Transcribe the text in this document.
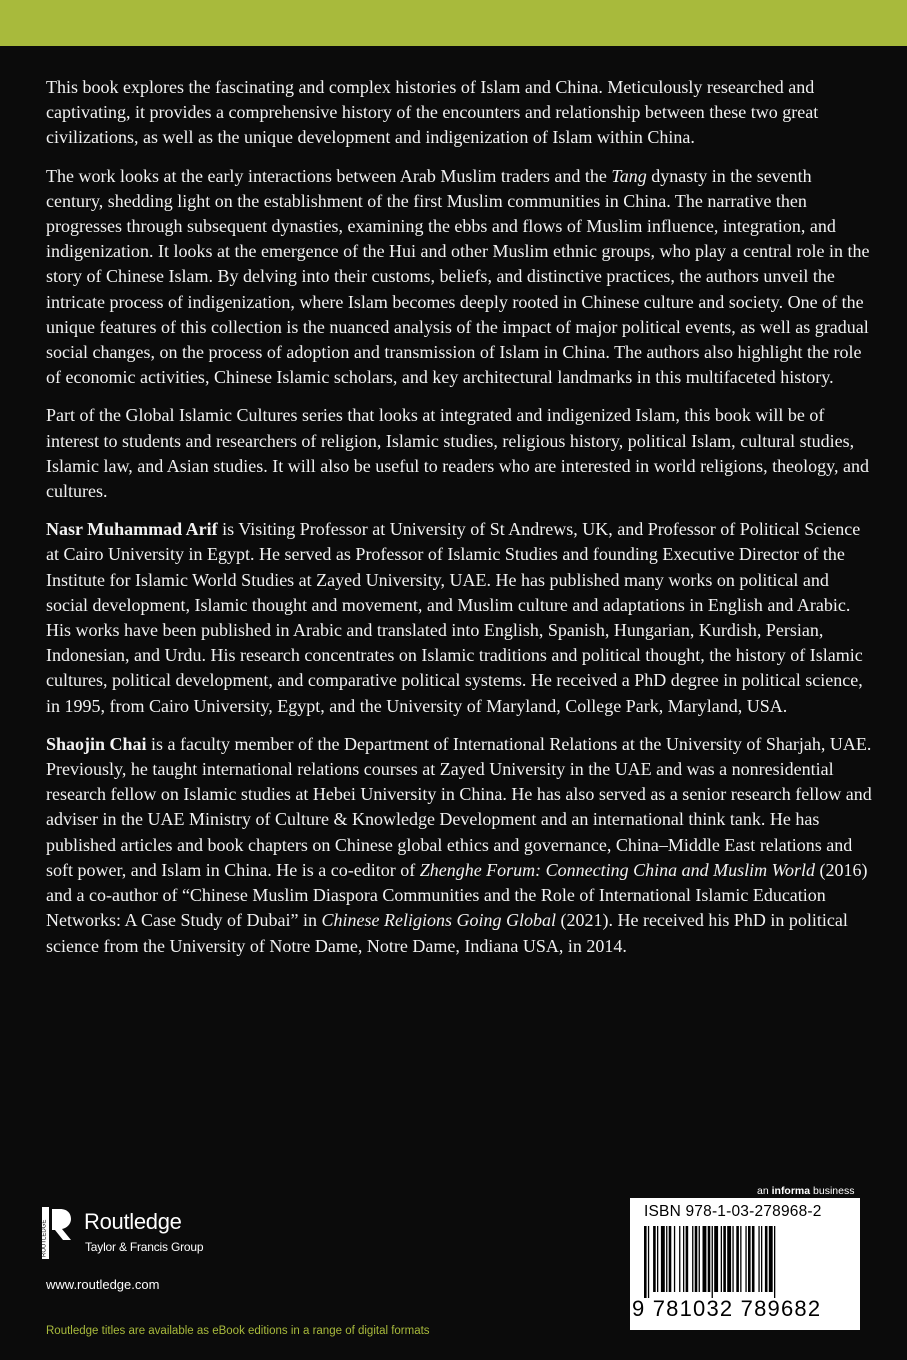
This book explores the fascinating and complex histories of Islam and China. Meticulously researched and captivating, it provides a comprehensive history of the encounters and relationship between these two great civilizations, as well as the unique development and indigenization of Islam within China.

The work looks at the early interactions between Arab Muslim traders and the Tang dynasty in the seventh century, shedding light on the establishment of the first Muslim communities in China. The narrative then progresses through subsequent dynasties, examining the ebbs and flows of Muslim influence, integration, and indigenization. It looks at the emergence of the Hui and other Muslim ethnic groups, who play a central role in the story of Chinese Islam. By delving into their customs, beliefs, and distinctive practices, the authors unveil the intricate process of indigenization, where Islam becomes deeply rooted in Chinese culture and society. One of the unique features of this collection is the nuanced analysis of the impact of major political events, as well as gradual social changes, on the process of adoption and transmission of Islam in China. The authors also highlight the role of economic activities, Chinese Islamic scholars, and key architectural landmarks in this multifaceted history.

Part of the Global Islamic Cultures series that looks at integrated and indigenized Islam, this book will be of interest to students and researchers of religion, Islamic studies, religious history, political Islam, cultural studies, Islamic law, and Asian studies. It will also be useful to readers who are interested in world religions, theology, and cultures.

Nasr Muhammad Arif is Visiting Professor at University of St Andrews, UK, and Professor of Political Science at Cairo University in Egypt. He served as Professor of Islamic Studies and founding Executive Director of the Institute for Islamic World Studies at Zayed University, UAE. He has published many works on political and social development, Islamic thought and movement, and Muslim culture and adaptations in English and Arabic. His works have been published in Arabic and translated into English, Spanish, Hungarian, Kurdish, Persian, Indonesian, and Urdu. His research concentrates on Islamic traditions and political thought, the history of Islamic cultures, political development, and comparative political systems. He received a PhD degree in political science, in 1995, from Cairo University, Egypt, and the University of Maryland, College Park, Maryland, USA.

Shaojin Chai is a faculty member of the Department of International Relations at the University of Sharjah, UAE. Previously, he taught international relations courses at Zayed University in the UAE and was a nonresidential research fellow on Islamic studies at Hebei University in China. He has also served as a senior research fellow and adviser in the UAE Ministry of Culture & Knowledge Development and an international think tank. He has published articles and book chapters on Chinese global ethics and governance, China–Middle East relations and soft power, and Islam in China. He is a co-editor of Zhenghe Forum: Connecting China and Muslim World (2016) and a co-author of “Chinese Muslim Diaspora Communities and the Role of International Islamic Education Networks: A Case Study of Dubai” in Chinese Religions Going Global (2021). He received his PhD in political science from the University of Notre Dame, Notre Dame, Indiana USA, in 2014.

ROUTLEDGE Routledge
Taylor & Francis Group
www.routledge.com
Routledge titles are available as eBook editions in a range of digital formats
an informa business
ISBN 978-1-03-278968-2
9 781032 789682
